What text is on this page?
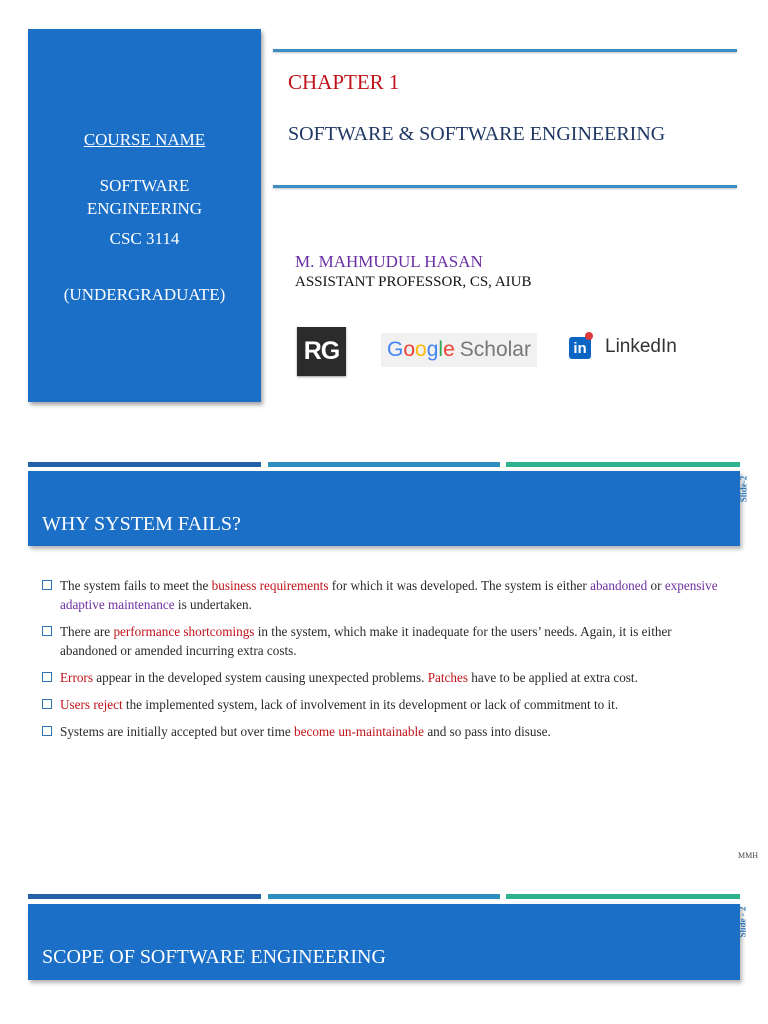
COURSE NAME
SOFTWARE
ENGINEERING
CSC 3114
(UNDERGRADUATE)
CHAPTER 1
SOFTWARE & SOFTWARE ENGINEERING
M. MAHMUDUL HASAN
ASSISTANT PROFESSOR, CS, AIUB
RG Google Scholar	in LinkedIn
WHY SYSTEM FAILS?
Slide-2
The system fails to meet the business requirements for which it was developed. The system is either abandoned or expensive adaptive maintenance is undertaken.
There are performance shortcomings in the system, which make it inadequate for the users’ needs. Again, it is either abandoned or amended incurring extra costs.
Errors appear in the developed system causing unexpected problems. Patches have to be applied at extra cost.
Users reject the implemented system, lack of involvement in its development or lack of commitment to it.
Systems are initially accepted but over time become un-maintainable and so pass into disuse.
MMH
SCOPE OF SOFTWARE ENGINEERING
Slide - 2
